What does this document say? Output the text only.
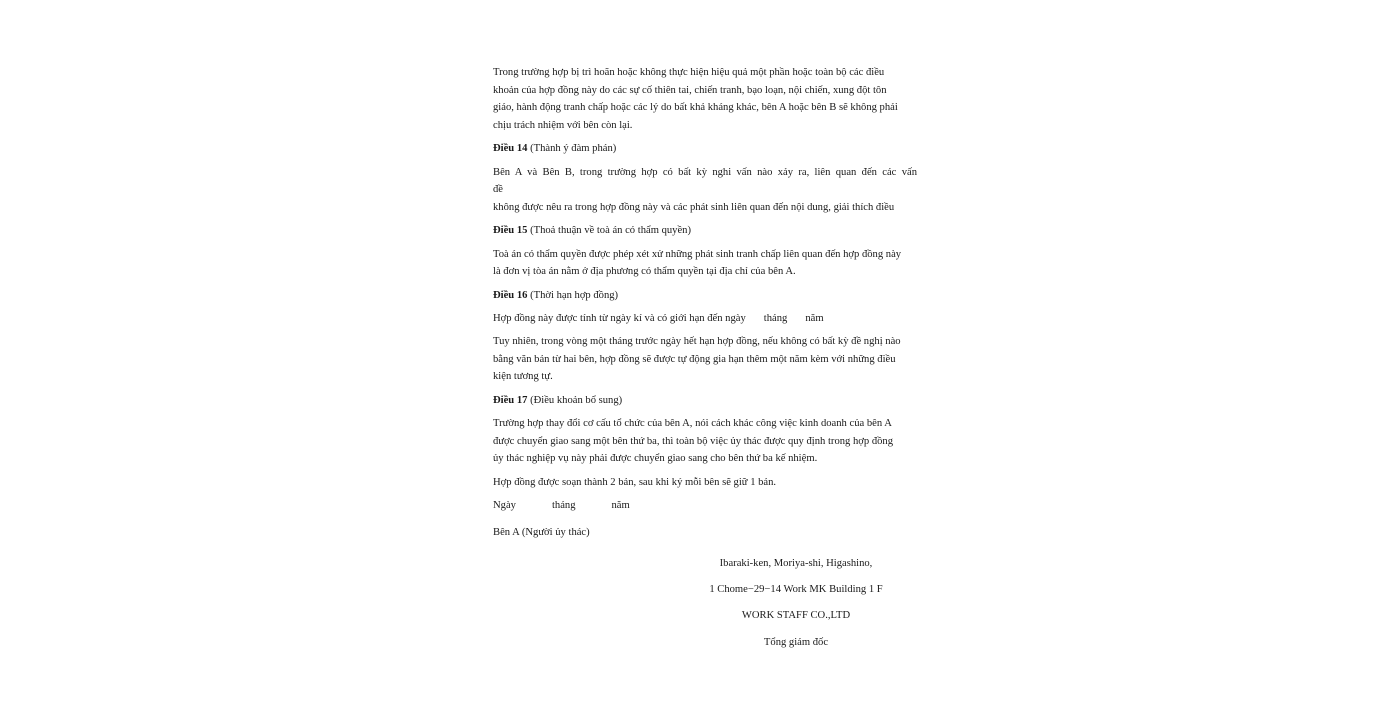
Trong trường hợp bị trì hoãn hoặc không thực hiện hiệu quả một phần hoặc toàn bộ các điều
khoản của hợp đồng này do các sự cố thiên tai, chiến tranh, bạo loạn, nội chiến, xung đột tôn
giáo, hành động tranh chấp hoặc các lý do bất khả kháng khác, bên A hoặc bên B sẽ không phải
chịu trách nhiệm với bên còn lại.
Điều 14 (Thành ý đàm phán)
Bên A và Bên B, trong trường hợp có bất kỳ nghi vấn nào xảy ra, liên quan đến các vấn
đề
không được nêu ra trong hợp đồng này và các phát sinh liên quan đến nội dung, giải thích điều
Điều 15 (Thoả thuận về toà án có thẩm quyền)
Toà án có thẩm quyền được phép xét xử những phát sinh tranh chấp liên quan đến hợp đồng này
là đơn vị tòa án nằm ở địa phương có thẩm quyền tại địa chỉ của bên A.
Điều 16 (Thời hạn hợp đồng)
Hợp đồng này được tính từ ngày kí và có giới hạn đến ngày tháng năm
Tuy nhiên, trong vòng một tháng trước ngày hết hạn hợp đồng, nếu không có bất kỳ đề nghị nào
bằng văn bản từ hai bên, hợp đồng sẽ được tự động gia hạn thêm một năm kèm với những điều
kiện tương tự.
Điều 17 (Điều khoản bổ sung)
Trường hợp thay đổi cơ cấu tổ chức của bên A, nói cách khác công việc kinh doanh của bên A
được chuyển giao sang một bên thứ ba, thì toàn bộ việc ủy thác được quy định trong hợp đồng
ủy thác nghiệp vụ này phải được chuyển giao sang cho bên thứ ba kế nhiệm.
Hợp đồng được soạn thành 2 bản, sau khi ký mỗi bên sẽ giữ 1 bản.
Ngày	tháng	năm
Bên A (Người ủy thác)
Ibaraki-ken, Moriya-shi, Higashino,
1 Chome−29−14 Work MK Building 1 F
WORK STAFF CO.,LTD
Tổng giám đốc
